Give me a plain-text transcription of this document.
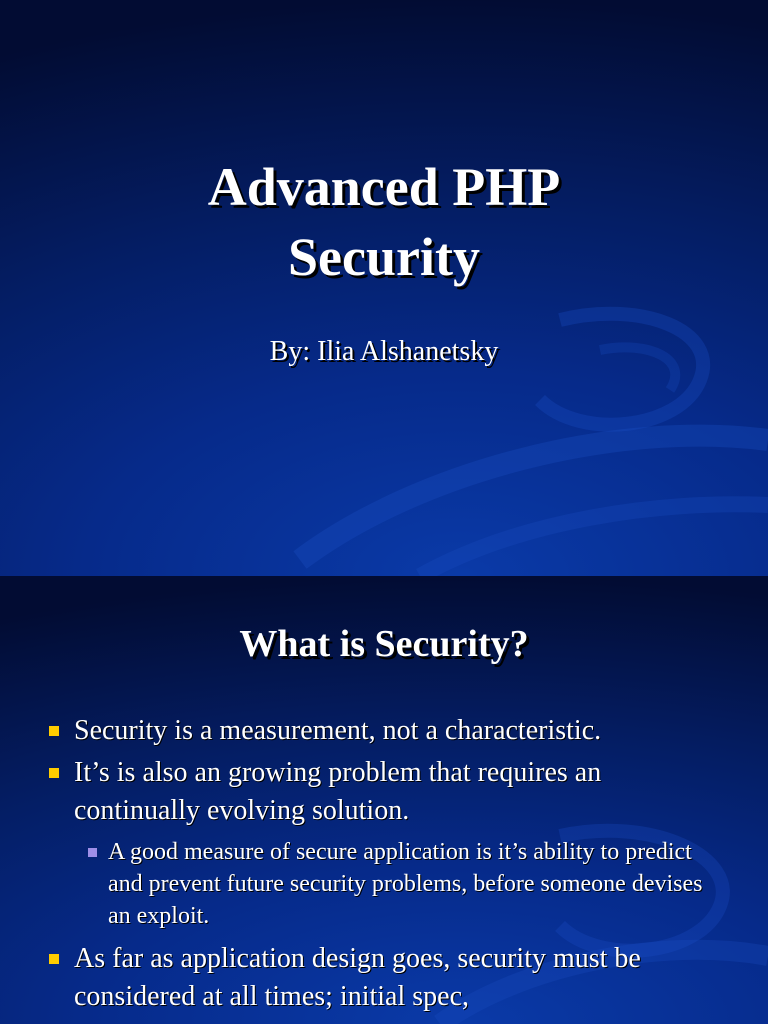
Advanced PHP
Security
By: Ilia Alshanetsky
What is Security?
Security is a measurement, not a characteristic.
It’s is also an growing problem that requires an continually evolving solution.
A good measure of secure application is it’s ability to predict and prevent future security problems, before someone devises an exploit.
As far as application design goes, security must be considered at all times; initial spec,
